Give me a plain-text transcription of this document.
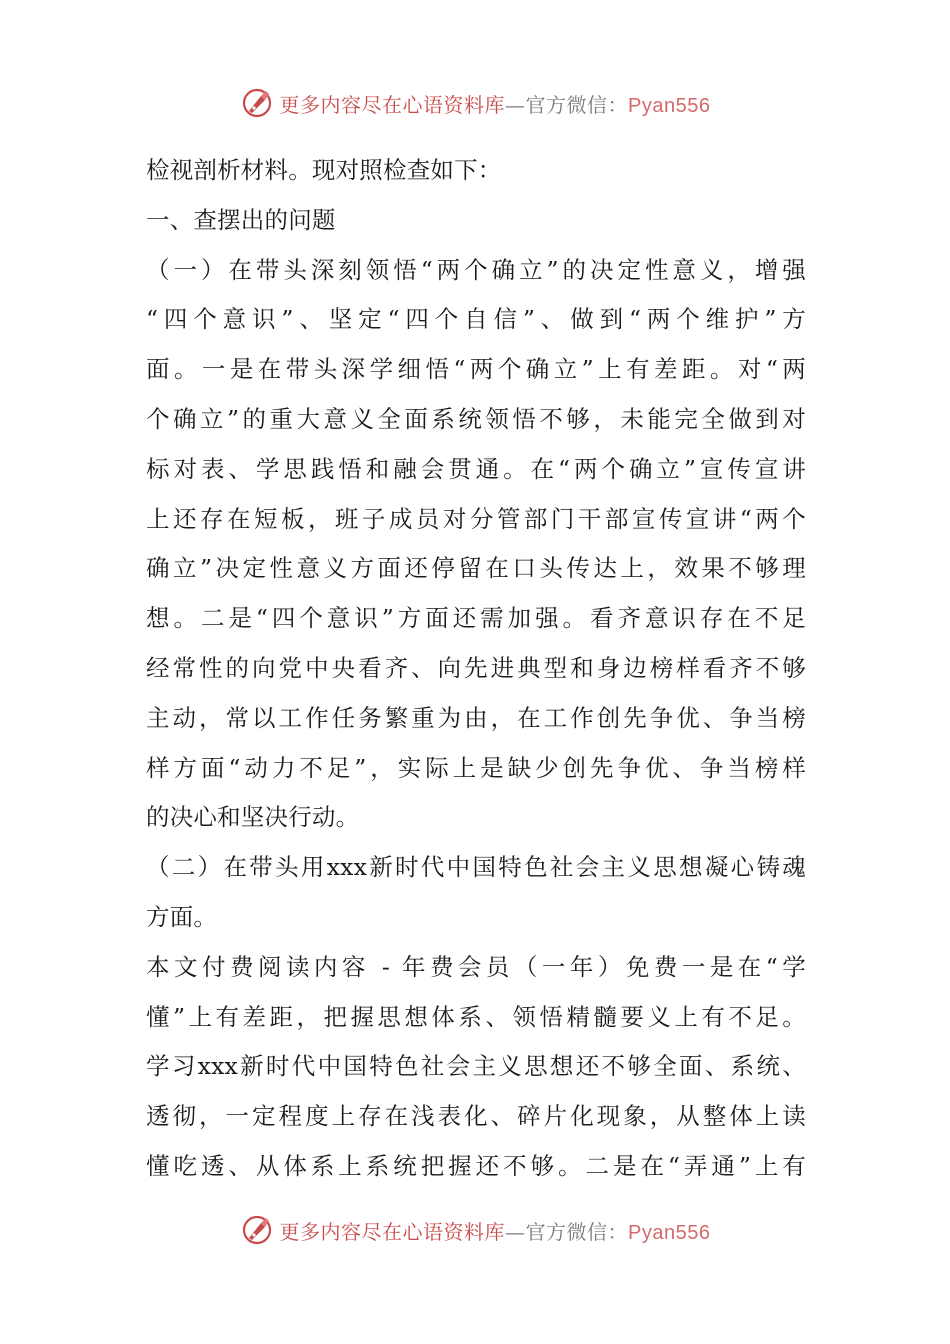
更多内容尽在心语资料库—官方微信：Pyan556
检视剖析材料。现对照检查如下：
一、查摆出的问题
（一）在带头深刻领悟“两个确立”的决定性意义，增强
“四个意识”、坚定“四个自信”、做到“两个维护”方
面。一是在带头深学细悟“两个确立”上有差距。对“两
个确立”的重大意义全面系统领悟不够，未能完全做到对
标对表、学思践悟和融会贯通。在“两个确立”宣传宣讲
上还存在短板，班子成员对分管部门干部宣传宣讲“两个
确立”决定性意义方面还停留在口头传达上，效果不够理
想。二是“四个意识”方面还需加强。看齐意识存在不足
经常性的向党中央看齐、向先进典型和身边榜样看齐不够
主动，常以工作任务繁重为由，在工作创先争优、争当榜
样方面“动力不足”，实际上是缺少创先争优、争当榜样
的决心和坚决行动。
（二）在带头用xxx新时代中国特色社会主义思想凝心铸魂
方面。
本文付费阅读内容 - 年费会员（一年）免费一是在“学
懂”上有差距，把握思想体系、领悟精髓要义上有不足。
学习xxx新时代中国特色社会主义思想还不够全面、系统、
透彻，一定程度上存在浅表化、碎片化现象，从整体上读
懂吃透、从体系上系统把握还不够。二是在“弄通”上有
更多内容尽在心语资料库—官方微信：Pyan556
